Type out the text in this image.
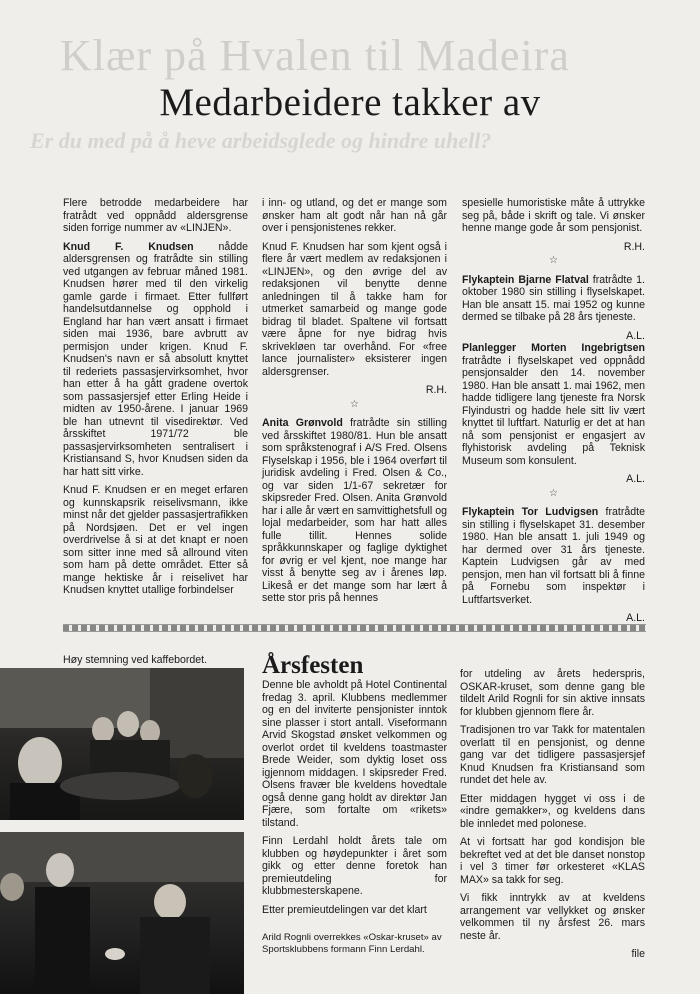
Klær på Hvalen til Madeira
Er du med på å heve arbeidsglede og hindre uhell?
Medarbeidere takker av

Flere betrodde medarbeidere har fratrådt ved oppnådd aldersgrense siden forrige nummer av «LINJEN».

Knud F. Knudsen nådde aldersgrensen og fratrådte sin stilling ved utgangen av februar måned 1981. Knudsen hører med til den virkelig gamle garde i firmaet. Etter fullført handelsutdannelse og opphold i England har han vært ansatt i firmaet siden mai 1936, bare avbrutt av permisjon under krigen. Knud F. Knudsen's navn er så absolutt knyttet til rederiets passasjervirksomhet, hvor han etter å ha gått gradene overtok som passasjersjef etter Erling Heide i midten av 1950-årene. I januar 1969 ble han utnevnt til visedirektør. Ved årsskiftet 1971/72 ble passasjervirksomheten sentralisert i Kristiansand S, hvor Knudsen siden da har hatt sitt virke.

Knud F. Knudsen er en meget erfaren og kunnskapsrik reiselivsmann, ikke minst når det gjelder passasjertrafikken på Nordsjøen. Det er vel ingen overdrivelse å si at det knapt er noen som sitter inne med så allround viten som ham på dette området. Etter så mange hektiske år i reiselivet har Knudsen knyttet utallige forbindelser

i inn- og utland, og det er mange som ønsker ham alt godt når han nå går over i pensjonistenes rekker.

Knud F. Knudsen har som kjent også i flere år vært medlem av redaksjonen i «LINJEN», og den øvrige del av redaksjonen vil benytte denne anledningen til å takke ham for utmerket samarbeid og mange gode bidrag til bladet. Spaltene vil fortsatt være åpne for nye bidrag hvis skrivekløen tar overhånd. For «free lance journalister» eksisterer ingen aldersgrenser.

R.H.
☆

Anita Grønvold fratrådte sin stilling ved årsskiftet 1980/81. Hun ble ansatt som språkstenograf i A/S Fred. Olsens Flyselskap i 1956, ble i 1964 overført til juridisk avdeling i Fred. Olsen & Co., og var siden 1/1-67 sekretær for skipsreder Fred. Olsen. Anita Grønvold har i alle år vært en samvittighetsfull og lojal medarbeider, som har hatt alles fulle tillit. Hennes solide språkkunnskaper og faglige dyktighet for øvrig er vel kjent, noe mange har visst å benytte seg av i årenes løp. Likeså er det mange som har lært å sette stor pris på hennes

spesielle humoristiske måte å uttrykke seg på, både i skrift og tale. Vi ønsker henne mange gode år som pensjonist.

R.H.
☆

Flykaptein Bjarne Flatval fratrådte 1. oktober 1980 sin stilling i flyselskapet. Han ble ansatt 15. mai 1952 og kunne dermed se tilbake på 28 års tjeneste.

A.L.

Planlegger Morten Ingebrigtsen fratrådte i flyselskapet ved oppnådd pensjonsalder den 14. november 1980. Han ble ansatt 1. mai 1962, men hadde tidligere lang tjeneste fra Norsk Flyindustri og hadde hele sitt liv vært knyttet til luftfart. Naturlig er det at han nå som pensjonist er engasjert av flyhistorisk avdeling på Teknisk Museum som konsulent.

A.L.
☆

Flykaptein Tor Ludvigsen fratrådte sin stilling i flyselskapet 31. desember 1980. Han ble ansatt 1. juli 1949 og har dermed over 31 års tjeneste. Kaptein Ludvigsen går av med pensjon, men han vil fortsatt bli å finne på Fornebu som inspektør i Luftfartsverket.

A.L.
Høy stemning ved kaffebordet. Årsfesten

Denne ble avholdt på Hotel Continental fredag 3. april. Klubbens medlemmer og en del inviterte pensjonister inntok sine plasser i stort antall. Viseformann Arvid Skogstad ønsket velkommen og overlot ordet til kveldens toastmaster Brede Weider, som dyktig loset oss igjennom middagen. I skipsreder Fred. Olsens fravær ble kveldens hovedtale også denne gang holdt av direktør Jan Fjære, som fortalte om «rikets» tilstand.

Finn Lerdahl holdt årets tale om klubben og høydepunkter i året som gikk og etter denne foretok han premieutdeling for klubbmesterskapene.

Etter premieutdelingen var det klart

Arild Rognli overrekkes «Oskar-kruset» av Sportsklubbens formann Finn Lerdahl.

for utdeling av årets hederspris, OSKAR-kruset, som denne gang ble tildelt Arild Rognli for sin aktive innsats for klubben gjennom flere år.

Tradisjonen tro var Takk for matentalen overlatt til en pensjonist, og denne gang var det tidligere passasjersjef Knud Knudsen fra Kristiansand som rundet det hele av.

Etter middagen hygget vi oss i de «indre gemakker», og kveldens dans ble innledet med polonese.

At vi fortsatt har god kondisjon ble bekreftet ved at det ble danset nonstop i vel 3 timer før orkesteret «KLAS MAX» sa takk for seg.

Vi fikk inntrykk av at kveldens arrangement var vellykket og ønsker velkommen til ny årsfest 26. mars neste år.

file
